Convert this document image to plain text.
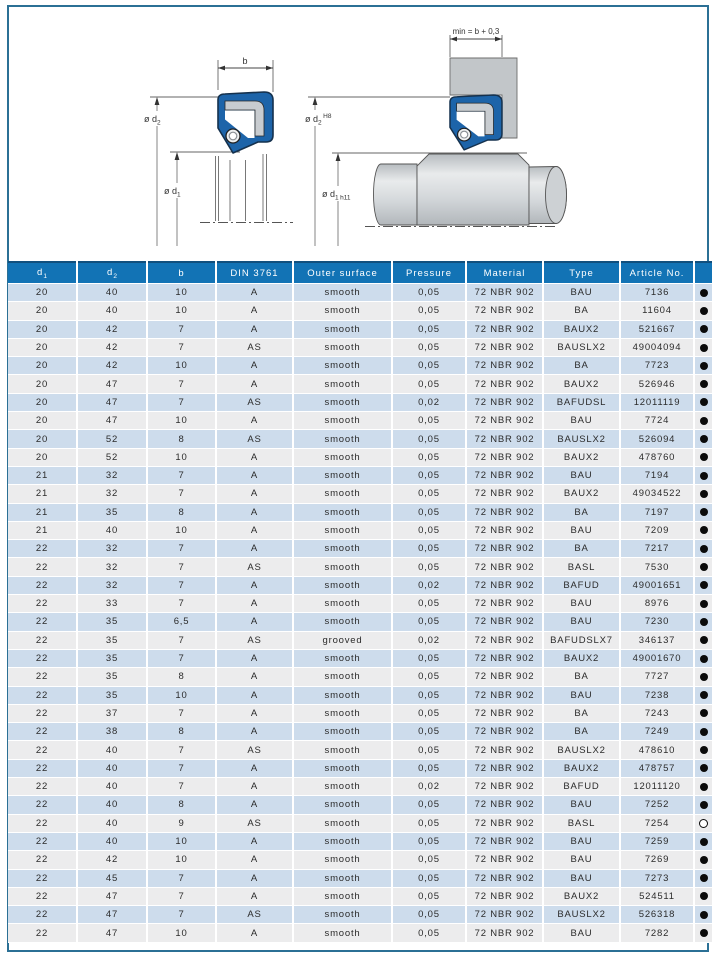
b
ø $d_2$
ø $d_1$
min = b + 0,3
ø $d_2^{H8}$
ø $d_1$ h11
$d_1$	$d_2$	b	DIN 3761	Outer surface	Pressure	Material	Type	Article No.	
20	40	10	A	smooth	0,05	72 NBR 902	BAU	7136	
20	40	10	A	smooth	0,05	72 NBR 902	BA	11604	
20	42	7	A	smooth	0,05	72 NBR 902	BAUX2	521667	
20	42	7	AS	smooth	0,05	72 NBR 902	BAUSLX2	49004094	
20	42	10	A	smooth	0,05	72 NBR 902	BA	7723	
20	47	7	A	smooth	0,05	72 NBR 902	BAUX2	526946	
20	47	7	AS	smooth	0,02	72 NBR 902	BAFUDSL	12011119	
20	47	10	A	smooth	0,05	72 NBR 902	BAU	7724	
20	52	8	AS	smooth	0,05	72 NBR 902	BAUSLX2	526094	
20	52	10	A	smooth	0,05	72 NBR 902	BAUX2	478760	
21	32	7	A	smooth	0,05	72 NBR 902	BAU	7194	
21	32	7	A	smooth	0,05	72 NBR 902	BAUX2	49034522	
21	35	8	A	smooth	0,05	72 NBR 902	BA	7197	
21	40	10	A	smooth	0,05	72 NBR 902	BAU	7209	
22	32	7	A	smooth	0,05	72 NBR 902	BA	7217	
22	32	7	AS	smooth	0,05	72 NBR 902	BASL	7530	
22	32	7	A	smooth	0,02	72 NBR 902	BAFUD	49001651	
22	33	7	A	smooth	0,05	72 NBR 902	BAU	8976	
22	35	6,5	A	smooth	0,05	72 NBR 902	BAU	7230	
22	35	7	AS	grooved	0,02	72 NBR 902	BAFUDSLX7	346137	
22	35	7	A	smooth	0,05	72 NBR 902	BAUX2	49001670	
22	35	8	A	smooth	0,05	72 NBR 902	BA	7727	
22	35	10	A	smooth	0,05	72 NBR 902	BAU	7238	
22	37	7	A	smooth	0,05	72 NBR 902	BA	7243	
22	38	8	A	smooth	0,05	72 NBR 902	BA	7249	
22	40	7	AS	smooth	0,05	72 NBR 902	BAUSLX2	478610	
22	40	7	A	smooth	0,05	72 NBR 902	BAUX2	478757	
22	40	7	A	smooth	0,02	72 NBR 902	BAFUD	12011120	
22	40	8	A	smooth	0,05	72 NBR 902	BAU	7252	
22	40	9	AS	smooth	0,05	72 NBR 902	BASL	7254	
22	40	10	A	smooth	0,05	72 NBR 902	BAU	7259	
22	42	10	A	smooth	0,05	72 NBR 902	BAU	7269	
22	45	7	A	smooth	0,05	72 NBR 902	BAU	7273	
22	47	7	A	smooth	0,05	72 NBR 902	BAUX2	524511	
22	47	7	AS	smooth	0,05	72 NBR 902	BAUSLX2	526318	
22	47	10	A	smooth	0,05	72 NBR 902	BAU	7282	
